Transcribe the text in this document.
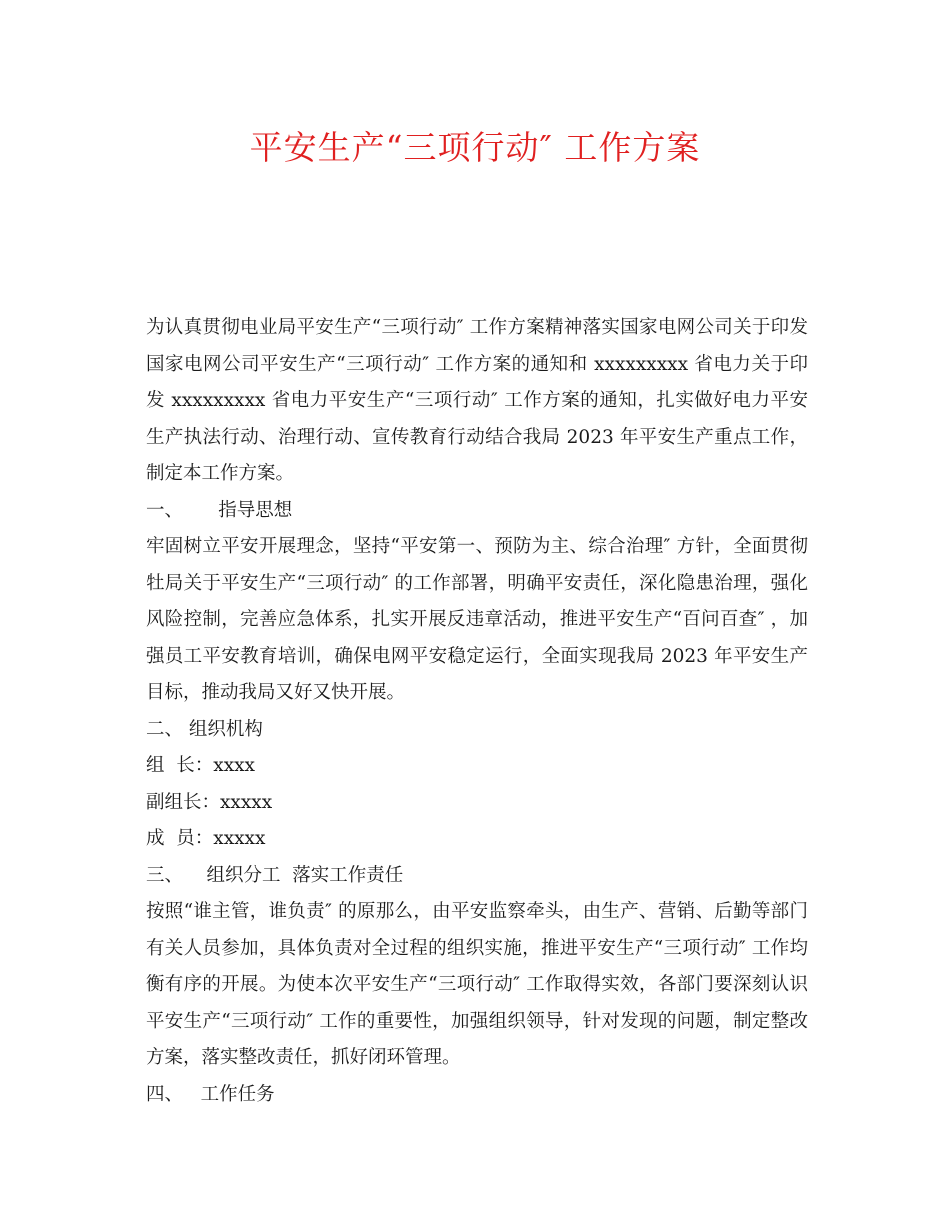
平安生产“三项行动″ 工作方案

为认真贯彻电业局平安生产“三项行动″ 工作方案精神落实国家电网公司关于印发国家电网公司平安生产“三项行动″ 工作方案的通知和 xxxxxxxxx 省电力关于印发 xxxxxxxxx 省电力平安生产“三项行动″ 工作方案的通知，扎实做好电力平安生产执法行动、治理行动、宣传教育行动结合我局 2023 年平安生产重点工作，制定本工作方案。

一、      指导思想

牢固树立平安开展理念，坚持“平安第一、预防为主、综合治理″ 方针，全面贯彻牡局关于平安生产“三项行动″ 的工作部署，明确平安责任，深化隐患治理，强化风险控制，完善应急体系，扎实开展反违章活动，推进平安生产“百问百查″ ，加强员工平安教育培训，确保电网平安稳定运行，全面实现我局 2023 年平安生产目标，推动我局又好又快开展。

二、 组织机构

组  长：xxxx

副组长：xxxxx

成  员：xxxxx

三、    组织分工  落实工作责任

按照“谁主管，谁负责″ 的原那么，由平安监察牵头，由生产、营销、后勤等部门有关人员参加，具体负责对全过程的组织实施，推进平安生产“三项行动″ 工作均衡有序的开展。为使本次平安生产“三项行动″ 工作取得实效，各部门要深刻认识平安生产“三项行动″ 工作的重要性，加强组织领导，针对发现的问题，制定整改方案，落实整改责任，抓好闭环管理。

四、   工作任务
